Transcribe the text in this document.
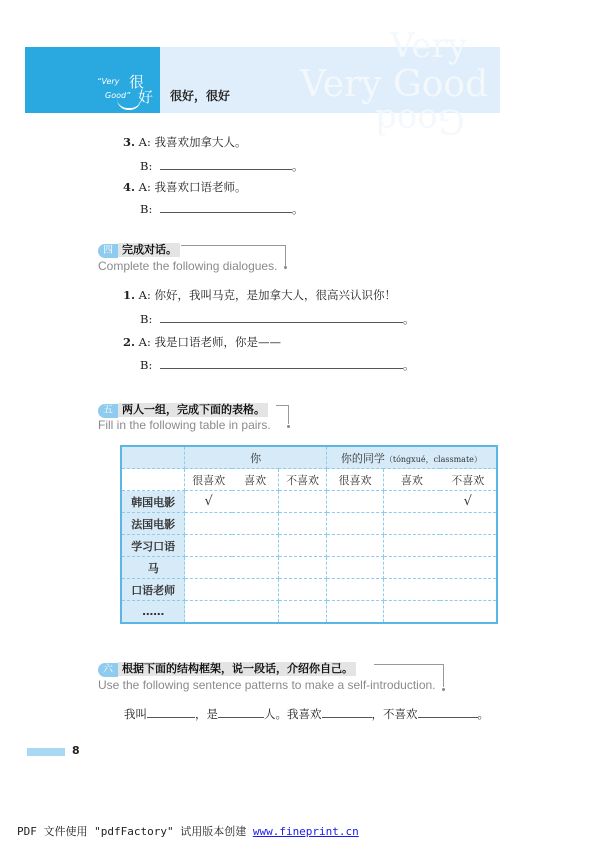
“Very
Good”
很
好
Very
Very Good
Good
很好，很好
3. A: 我喜欢加拿大人。
B:	。
4. A: 我喜欢口语老师。
B:	。
四 完成对话。
Complete the following dialogues.
1. A: 你好，我叫马克，是加拿大人，很高兴认识你！
B:	。
2. A: 我是口语老师，你是——
B:	。
五 两人一组，完成下面的表格。
Fill in the following table in pairs.
	你	你的同学（tóngxué，classmate）
	很喜欢	喜欢	不喜欢	很喜欢	喜欢	不喜欢
韩国电影	√					√
法国电影						
学习口语						
马						
口语老师						
……						
六 根据下面的结构框架，说一段话，介绍你自己。
Use the following sentence patterns to make a self-introduction.
我叫	，是	人。我喜欢	，不喜欢	。
8
PDF 文件使用 "pdfFactory" 试用版本创建 www.fineprint.cn
